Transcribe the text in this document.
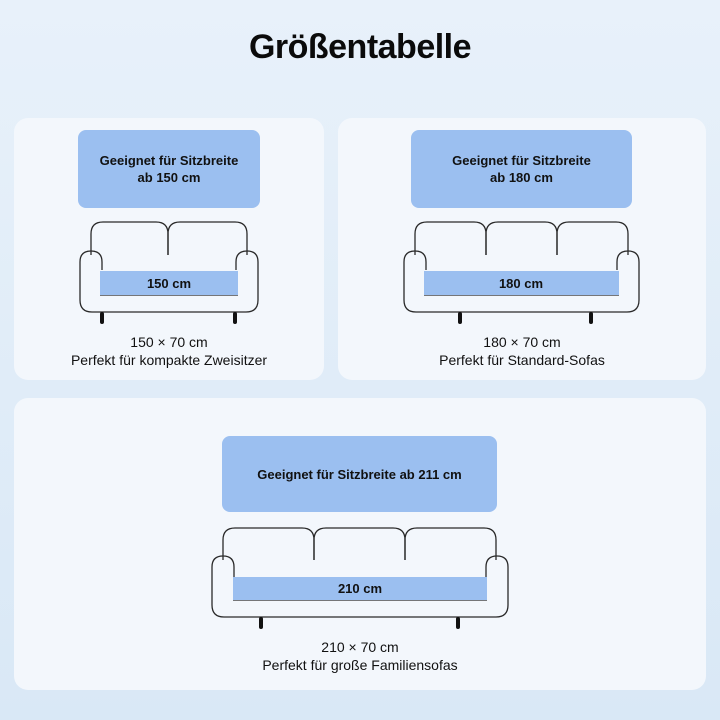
Größentabelle
Geeignet für Sitzbreite
ab 150 cm
150 cm
150 × 70 cm
Perfekt für kompakte Zweisitzer
Geeignet für Sitzbreite
ab 180 cm
180 cm
180 × 70 cm
Perfekt für Standard-Sofas
Geeignet für Sitzbreite ab 211 cm
210 cm
210 × 70 cm
Perfekt für große Familiensofas
